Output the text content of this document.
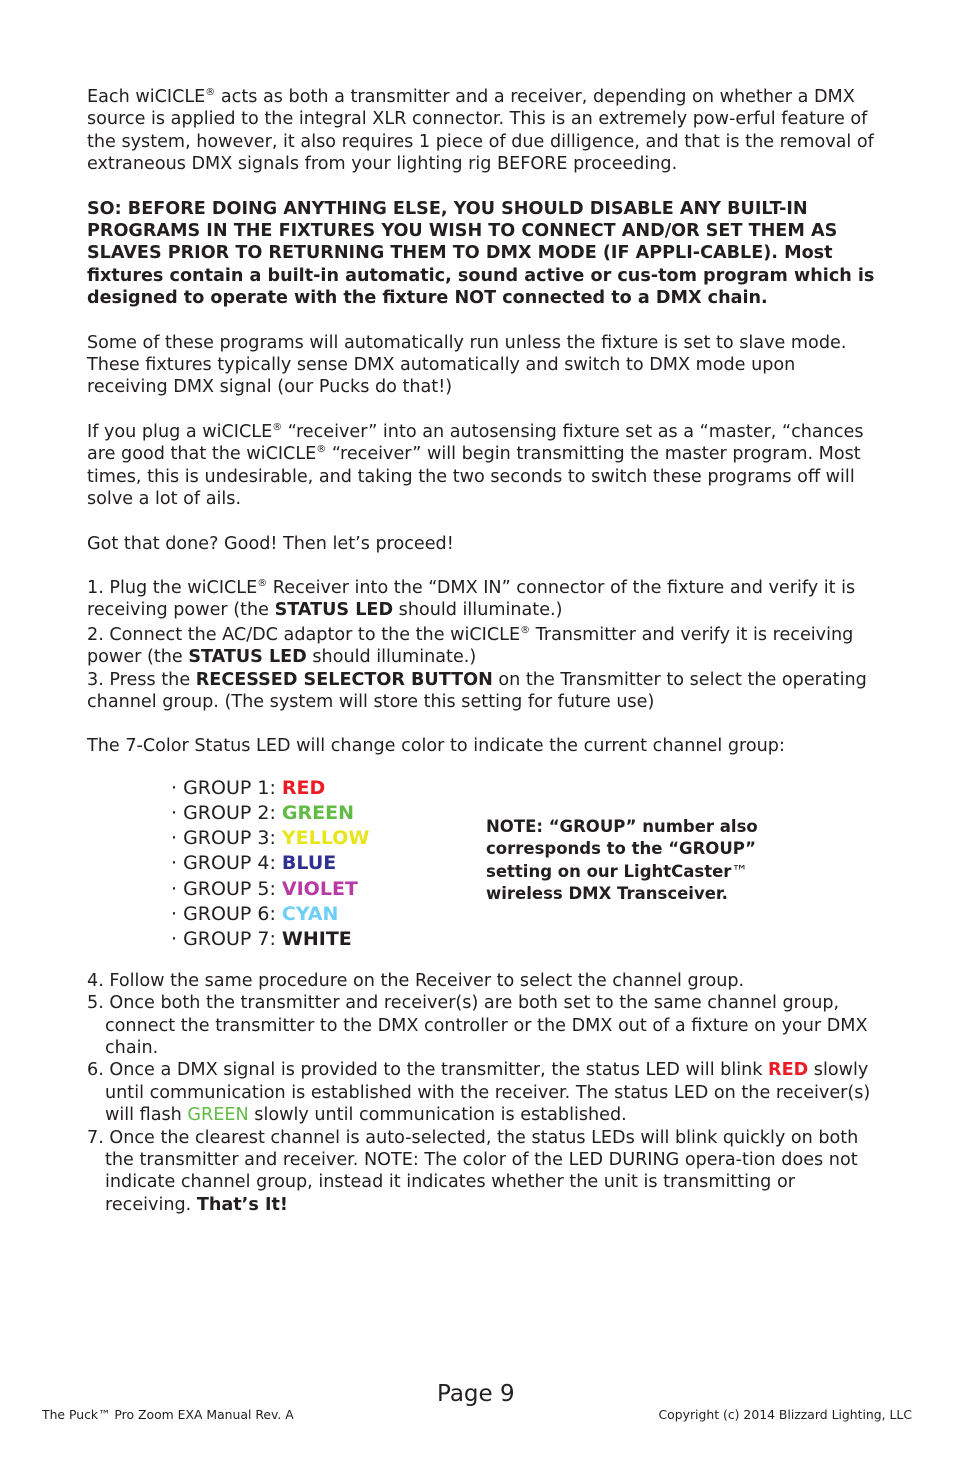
Each wiCICLE® acts as both a transmitter and a receiver, depending on whether a DMX source is applied to the integral XLR connector. This is an extremely pow-erful feature of the system, however, it also requires 1 piece of due dilligence, and that is the removal of extraneous DMX signals from your lighting rig BEFORE proceeding.

SO: BEFORE DOING ANYTHING ELSE, YOU SHOULD DISABLE ANY BUILT-IN PROGRAMS IN THE FIXTURES YOU WISH TO CONNECT AND/OR SET THEM AS SLAVES PRIOR TO RETURNING THEM TO DMX MODE (IF APPLI-CABLE). Most fixtures contain a built-in automatic, sound active or cus-tom program which is designed to operate with the fixture NOT connected to a DMX chain.

Some of these programs will automatically run unless the fixture is set to slave mode. These fixtures typically sense DMX automatically and switch to DMX mode upon receiving DMX signal (our Pucks do that!)

If you plug a wiCICLE® “receiver” into an autosensing fixture set as a “master, “chances are good that the wiCICLE® “receiver” will begin transmitting the master program. Most times, this is undesirable, and taking the two seconds to switch these programs off will solve a lot of ails.

Got that done? Good! Then let’s proceed!

1. Plug the wiCICLE® Receiver into the “DMX IN” connector of the fixture and verify it is receiving power (the STATUS LED should illuminate.)

2. Connect the AC/DC adaptor to the the wiCICLE® Transmitter and verify it is receiving power (the STATUS LED should illuminate.)

3. Press the RECESSED SELECTOR BUTTON on the Transmitter to select the operating channel group. (The system will store this setting for future use)

The 7-Color Status LED will change color to indicate the current channel group:

· GROUP 1: RED
· GROUP 2: GREEN
· GROUP 3: YELLOW
· GROUP 4: BLUE
· GROUP 5: VIOLET
· GROUP 6: CYAN
· GROUP 7: WHITE

NOTE: “GROUP” number also corresponds to the “GROUP” setting on our LightCaster™ wireless DMX Transceiver.

4. Follow the same procedure on the Receiver to select the channel group.
5. Once both the transmitter and receiver(s) are both set to the same channel group, connect the transmitter to the DMX controller or the DMX out of a fixture on your DMX chain.
6. Once a DMX signal is provided to the transmitter, the status LED will blink RED slowly until communication is established with the receiver. The status LED on the receiver(s) will flash GREEN slowly until communication is established.
7. Once the clearest channel is auto-selected, the status LEDs will blink quickly on both the transmitter and receiver. NOTE: The color of the LED DURING opera-tion does not indicate channel group, instead it indicates whether the unit is transmitting or receiving. That’s It!
Page 9
The Puck™ Pro Zoom EXA Manual Rev. A	Copyright (c) 2014 Blizzard Lighting, LLC
